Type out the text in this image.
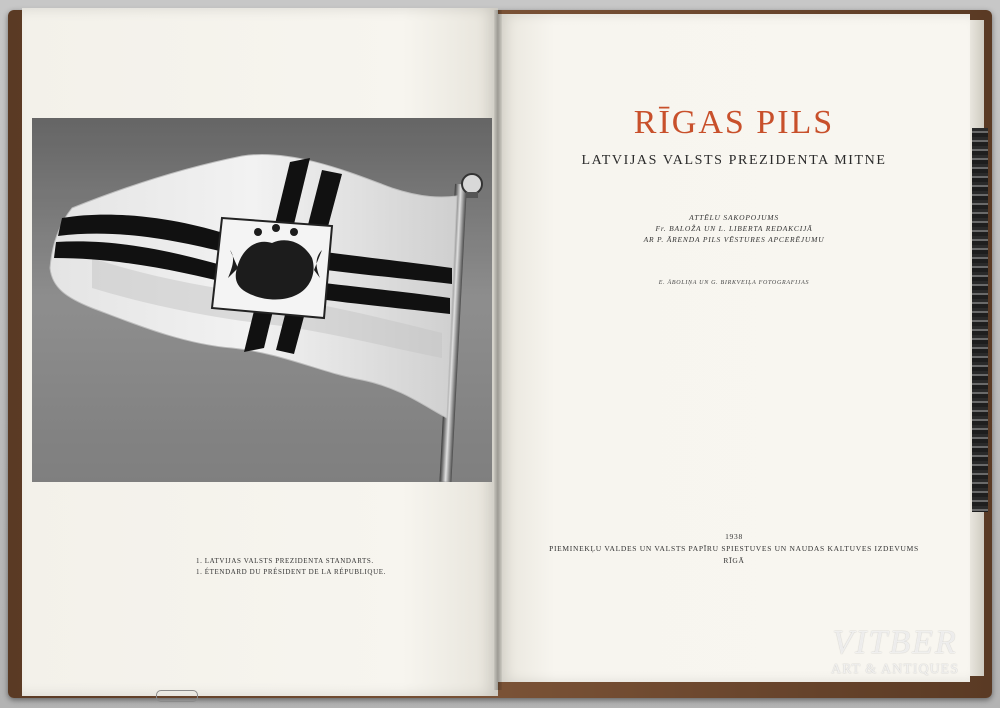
1. LATVIJAS VALSTS PREZIDENTA STANDARTS.
1. ÉTENDARD DU PRÉSIDENT DE LA RÉPUBLIQUE.
RĪGAS PILS
LATVIJAS VALSTS PREZIDENTA MITNE
ATTĒLU SAKOPOJUMS
Fr. BALOŽA UN L. LIBERTA REDAKCIJĀ
AR P. ĀRENDA PILS VĒSTURES APCERĒJUMU
E. ĀBOLIŅA UN G. BIRKVEIĻA FOTOGRAFIJAS
1938
PIEMINEKĻU VALDES UN VALSTS PAPĪRU SPIESTUVES UN NAUDAS KALTUVES IZDEVUMS
RĪGĀ
VITBER
ART & ANTIQUES
